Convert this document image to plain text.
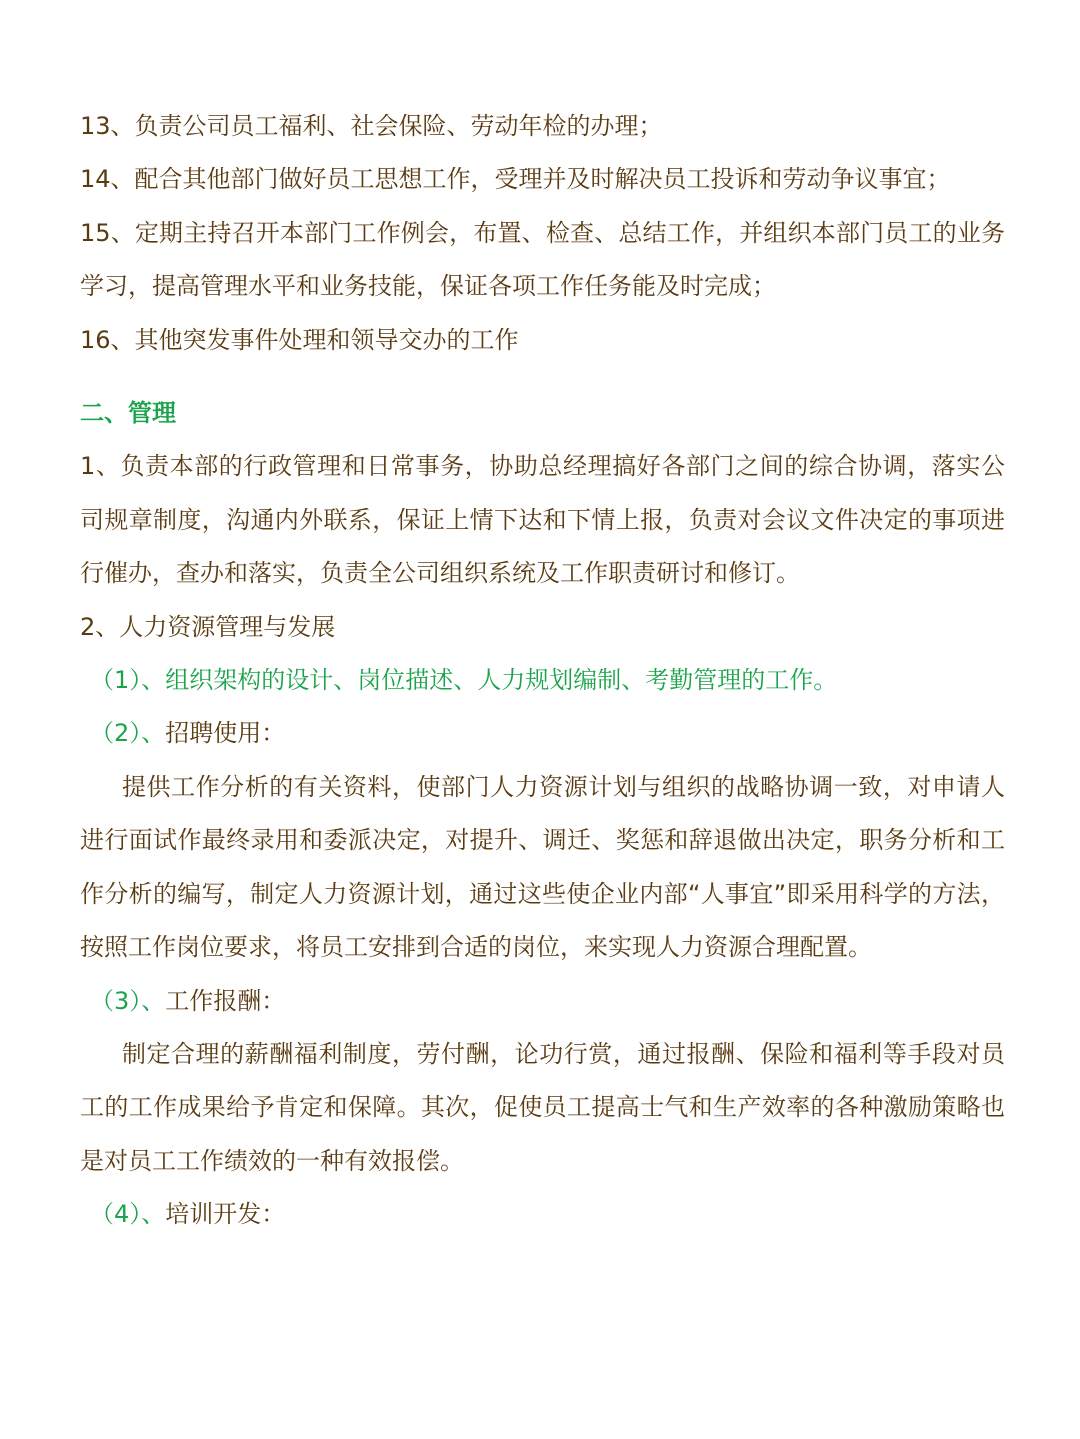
13、负责公司员工福利、社会保险、劳动年检的办理；

14、配合其他部门做好员工思想工作，受理并及时解决员工投诉和劳动争议事宜；

15、定期主持召开本部门工作例会，布置、检查、总结工作，并组织本部门员工的业务学习，提高管理水平和业务技能，保证各项工作任务能及时完成；

16、其他突发事件处理和领导交办的工作

二、管理

1、负责本部的行政管理和日常事务，协助总经理搞好各部门之间的综合协调，落实公司规章制度，沟通内外联系，保证上情下达和下情上报，负责对会议文件决定的事项进行催办，查办和落实，负责全公司组织系统及工作职责研讨和修订。

2、人力资源管理与发展

（1）、组织架构的设计、岗位描述、人力规划编制、考勤管理的工作。

（2）、招聘使用：

提供工作分析的有关资料，使部门人力资源计划与组织的战略协调一致，对申请人进行面试作最终录用和委派决定，对提升、调迁、奖惩和辞退做出决定，职务分析和工作分析的编写，制定人力资源计划，通过这些使企业内部“人事宜”即采用科学的方法，按照工作岗位要求，将员工安排到合适的岗位，来实现人力资源合理配置。

（3）、工作报酬：

制定合理的薪酬福利制度，劳付酬，论功行赏，通过报酬、保险和福利等手段对员工的工作成果给予肯定和保障。其次，促使员工提高士气和生产效率的各种激励策略也是对员工工作绩效的一种有效报偿。

（4）、培训开发：
